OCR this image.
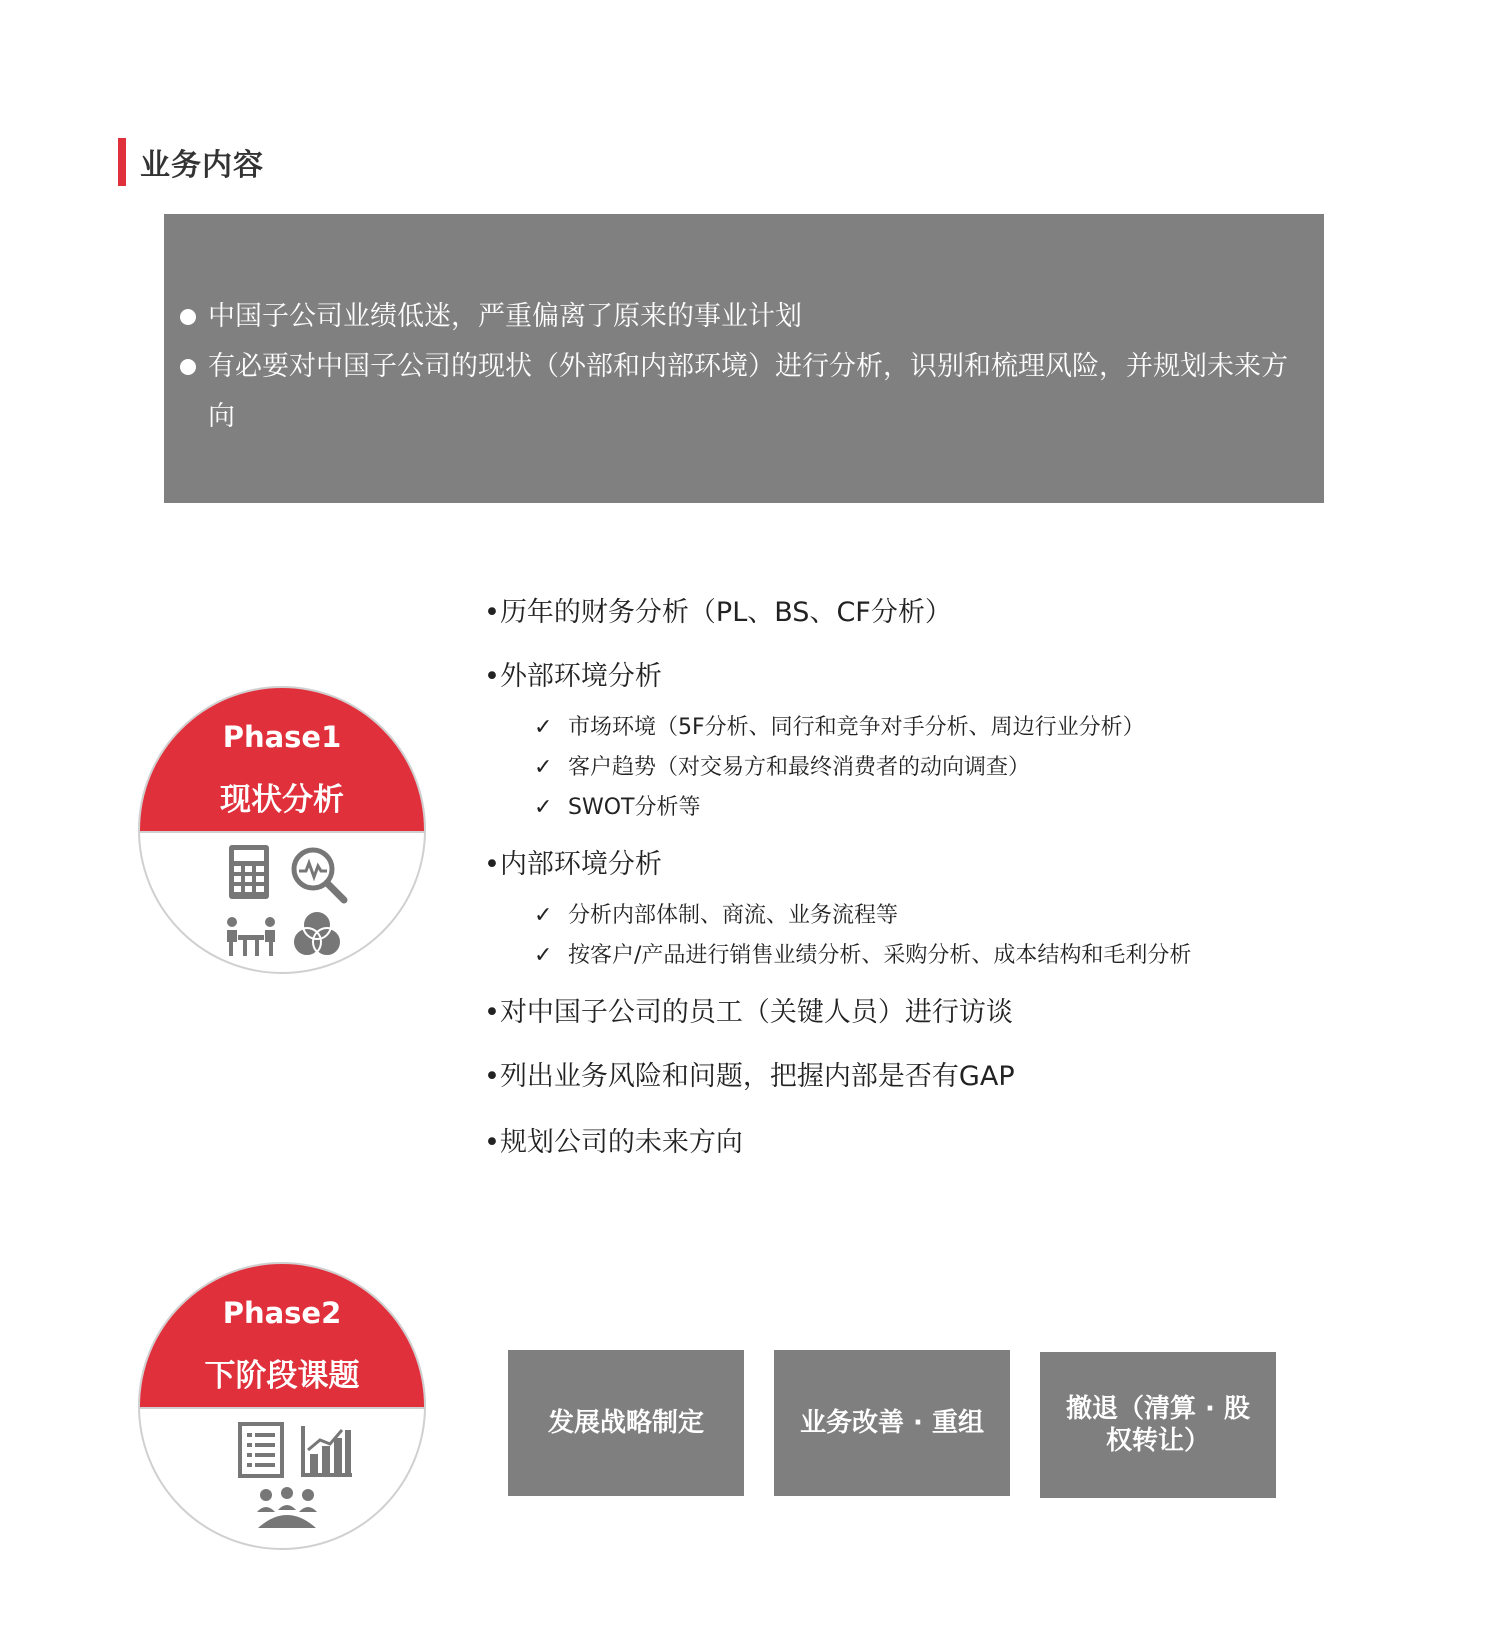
业务内容
中国子公司业绩低迷，严重偏离了原来的事业计划
有必要对中国子公司的现状（外部和内部环境）进行分析，识别和梳理风险，并规划未来方
向
Phase1
现状分析
•历年的财务分析（PL、BS、CF分析）
•外部环境分析
✓ 市场环境（5F分析、同行和竞争对手分析、周边行业分析）
✓ 客户趋势（对交易方和最终消费者的动向调查）
✓ SWOT分析等
•内部环境分析
✓ 分析内部体制、商流、业务流程等
✓ 按客户/产品进行销售业绩分析、采购分析、成本结构和毛利分析
•对中国子公司的员工（关键人员）进行访谈
•列出业务风险和问题，把握内部是否有GAP
•规划公司的未来方向
Phase2
下阶段课题
发展战略制定	业务改善 · 重组	撤退（清算 · 股权转让）
